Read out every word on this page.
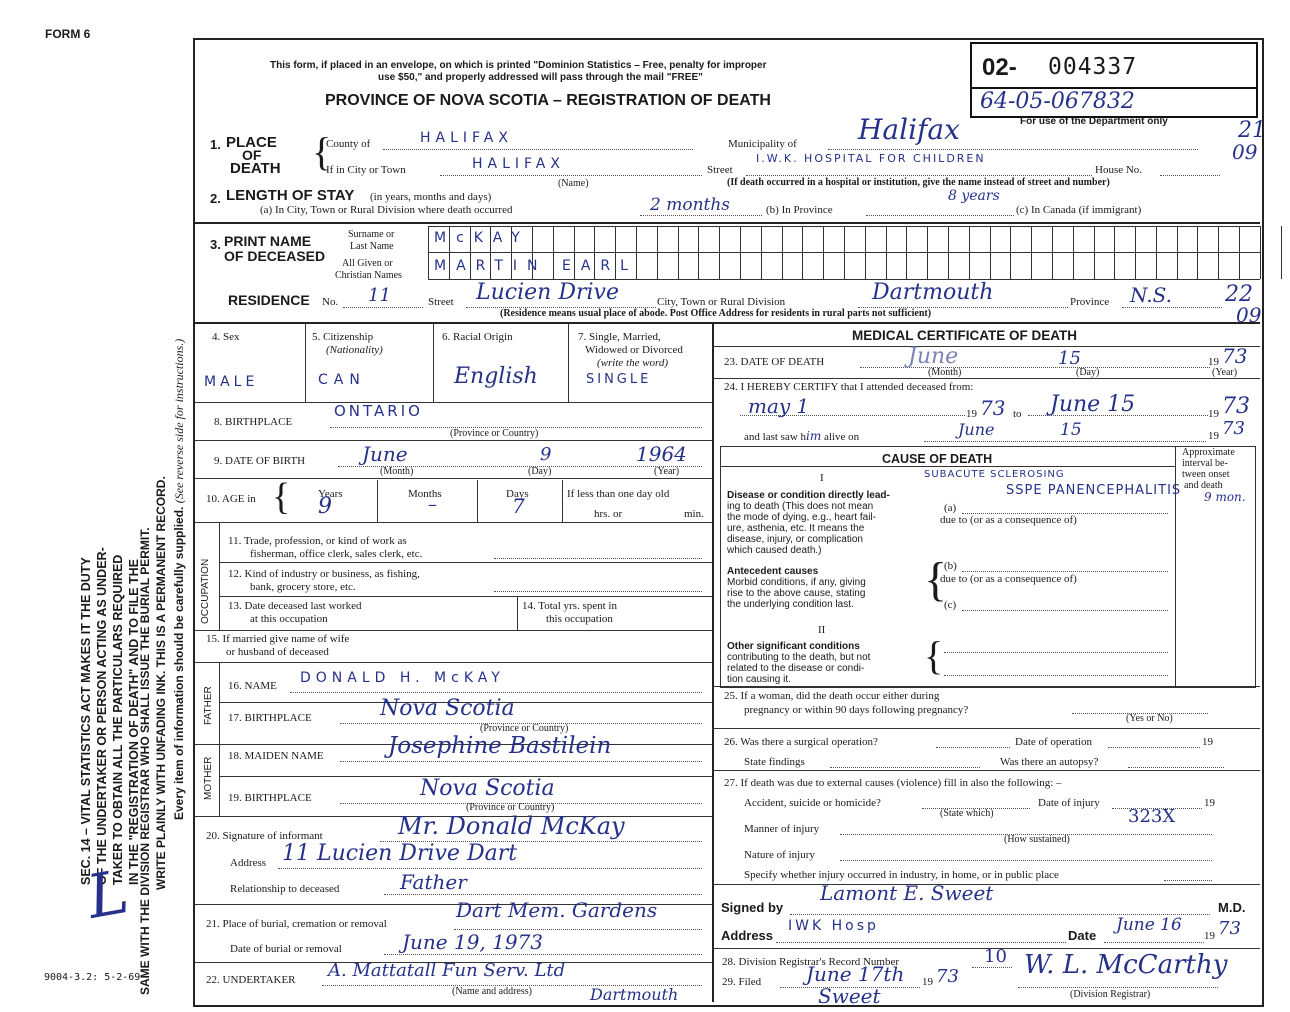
FORM 6
SEC. 14 – VITAL STATISTICS ACT MAKES IT THE DUTY OF THE UNDERTAKER OR PERSON ACTING AS UNDER- TAKER TO OBTAIN ALL THE PARTICULARS REQUIRED IN THE "REGISTRATION OF DEATH" AND TO FILE THE
SAME WITH THE DIVISION REGISTRAR WHO SHALL ISSUE THE BURIAL PERMIT. WRITE PLAINLY WITH UNFADING INK. THIS IS A PERMANENT RECORD. Every item of information should be carefully supplied. (See reverse side for instructions.)
L
9004-3.2: 5-2-69
This form, if placed in an envelope, on which is printed "Dominion Statistics – Free, penalty for improper
use $50," and properly addressed will pass through the mail "FREE"
PROVINCE OF NOVA SCOTIA – REGISTRATION OF DEATH
02- 004337
64-05-067832
For use of the Department only	21
09
1. PLACE
OF
DEATH {
County of	HALIFAX	Municipality of Halifax
If in City or Town	HALIFAX
(Name)
Street
I.W.K. HOSPITAL FOR CHILDREN
House No.
(If death occurred in a hospital or institution, give the name instead of street and number)
2. LENGTH OF STAY (in years, months and days)
(a) In City, Town or Rural Division where death occurred	2 months	(b) In Province
8 years
(c) In Canada (if immigrant)
3. PRINT NAME
OF DECEASED
Surname or
Last Name
All Given or
Christian Names
McKAY
MARTIN EARL
RESIDENCE No. 11	Street Lucien Drive	City, Town or Rural Division	Dartmouth	Province N.S. 22
09
(Residence means usual place of abode. Post Office Address for residents in rural parts not sufficient)
4. Sex	5. Citizenship
(Nationality)
6. Racial Origin	7. Single, Married,
Widowed or Divorced
(write the word)
MALE	CAN	English	SINGLE
8. BIRTHPLACE
ONTARIO
(Province or Country)
9. DATE OF BIRTH	June	9	1964
(Month)	(Day)	(Year)
10. AGE in {	Years	Months	Days	If less than one day old
hrs. or	min.
9	–	7
OCCUPATION
11. Trade, profession, or kind of work as
fisherman, office clerk, sales clerk, etc.
12. Kind of industry or business, as fishing,
bank, grocery store, etc.
13. Date deceased last worked
at this occupation
14. Total yrs. spent in
this occupation
15. If married give name of wife
or husband of deceased
FATHER
16. NAME DONALD H. McKAY
17. BIRTHPLACE	Nova Scotia
(Province or Country)
MOTHER
18. MAIDEN NAME	Josephine Bastilein
19. BIRTHPLACE	Nova Scotia
(Province or Country)
20. Signature of informant	Mr. Donald McKay
Address 11 Lucien Drive Dart
Relationship to deceased	Father
21. Place of burial, cremation or removal
Dart Mem. Gardens
Date of burial or removal	June 19, 1973
22. UNDERTAKER A. Mattatall Fun Serv. Ltd
(Name and address)	Dartmouth
MEDICAL CERTIFICATE OF DEATH
23. DATE OF DEATH	June	15	19 73
(Month)	(Day)	(Year)
24. I HEREBY CERTIFY that I attended deceased from:
may 1	19 73 to June 15	19 73
and last saw him alive on	June	15	19 73
CAUSE OF DEATH	Approximate
interval be-
tween onset
and death
I
Disease or condition directly lead-
ing to death (This does not mean
the mode of dying, e.g., heart fail-
ure, asthenia, etc. It means the
disease, injury, or complication
which caused death.)
SUBACUTE SCLEROSING
SSPE PANENCEPHALITIS
(a)
9 mon.
due to (or as a consequence of)
Antecedent causes
Morbid conditions, if any, giving
rise to the above cause, stating
the underlying condition last. {
(b)
due to (or as a consequence of)
(c)
II
Other significant conditions
contributing to the death, but not
related to the disease or condi-
tion causing it.
{
25. If a woman, did the death occur either during
pregnancy or within 90 days following pregnancy?
(Yes or No)
26. Was there a surgical operation?	Date of operation	19
State findings	Was there an autopsy?
27. If death was due to external causes (violence) fill in also the following: –
Accident, suicide or homicide?
(State which)
Date of injury	19
Manner of injury
(How sustained)
323X
Nature of injury
Specify whether injury occurred in industry, in home, or in public place
Signed by
Lamont E. Sweet
M.D.
Address
IWK Hosp
Date
June 16
19 73
28. Division Registrar's Record Number	10
29. Filed June 17th 19 73	W. L. McCarthy
(Division Registrar)
Sweet
